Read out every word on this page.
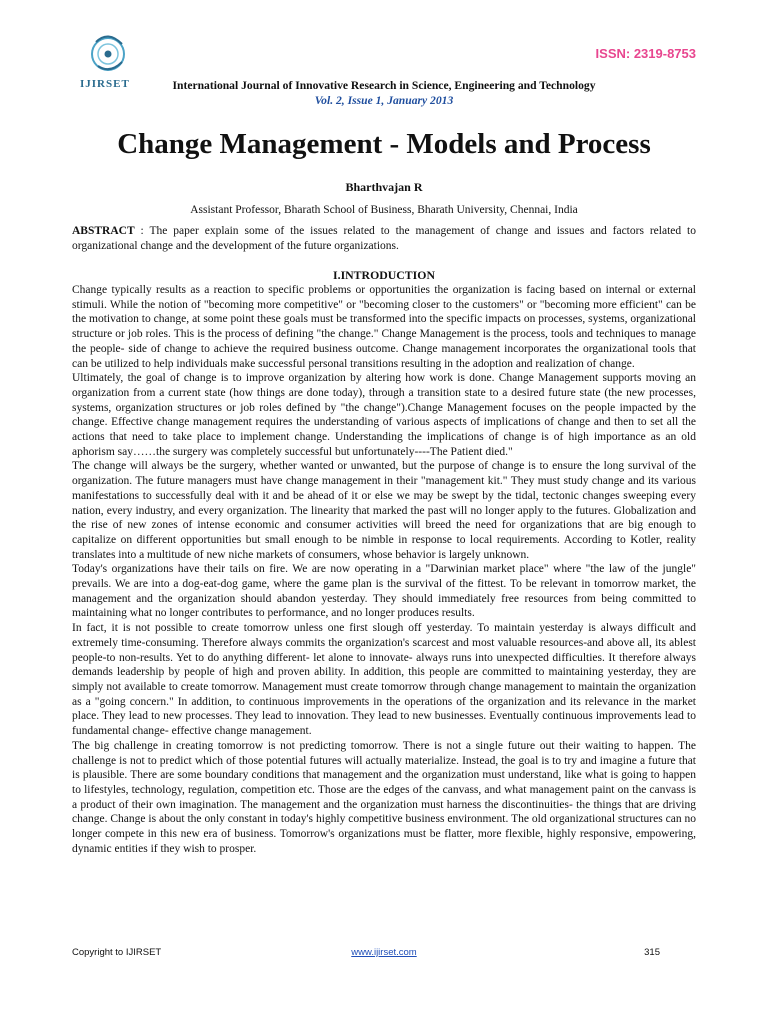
IJIRSET
ISSN: 2319-8753
International Journal of Innovative Research in Science, Engineering and Technology
Vol. 2, Issue 1, January 2013
Change Management - Models and Process
Bharthvajan R
Assistant Professor, Bharath School of Business, Bharath University, Chennai, India

ABSTRACT : The paper explain some of the issues related to the management of change and issues and factors related to organizational change and the development of the future organizations.

I.INTRODUCTION

Change typically results as a reaction to specific problems or opportunities the organization is facing based on internal or external stimuli. While the notion of "becoming more competitive" or "becoming closer to the customers" or "becoming more efficient" can be the motivation to change, at some point these goals must be transformed into the specific impacts on processes, systems, organizational structure or job roles. This is the process of defining "the change." Change Management is the process, tools and techniques to manage the people- side of change to achieve the required business outcome. Change management incorporates the organizational tools that can be utilized to help individuals make successful personal transitions resulting in the adoption and realization of change.

Ultimately, the goal of change is to improve organization by altering how work is done. Change Management supports moving an organization from a current state (how things are done today), through a transition state to a desired future state (the new processes, systems, organization structures or job roles defined by "the change").Change Management focuses on the people impacted by the change. Effective change management requires the understanding of various aspects of implications of change and then to set all the actions that need to take place to implement change. Understanding the implications of change is of high importance as an old aphorism say……the surgery was completely successful but unfortunately----The Patient died."

The change will always be the surgery, whether wanted or unwanted, but the purpose of change is to ensure the long survival of the organization. The future managers must have change management in their "management kit." They must study change and its various manifestations to successfully deal with it and be ahead of it or else we may be swept by the tidal, tectonic changes sweeping every nation, every industry, and every organization. The linearity that marked the past will no longer apply to the futures. Globalization and the rise of new zones of intense economic and consumer activities will breed the need for organizations that are big enough to capitalize on different opportunities but small enough to be nimble in response to local requirements. According to Kotler, reality translates into a multitude of new niche markets of consumers, whose behavior is largely unknown.

Today's organizations have their tails on fire. We are now operating in a "Darwinian market place" where "the law of the jungle" prevails. We are into a dog-eat-dog game, where the game plan is the survival of the fittest. To be relevant in tomorrow market, the management and the organization should abandon yesterday. They should immediately free resources from being committed to maintaining what no longer contributes to performance, and no longer produces results.

In fact, it is not possible to create tomorrow unless one first slough off yesterday. To maintain yesterday is always difficult and extremely time-consuming. Therefore always commits the organization's scarcest and most valuable resources-and above all, its ablest people-to non-results. Yet to do anything different- let alone to innovate- always runs into unexpected difficulties. It therefore always demands leadership by people of high and proven ability. In addition, this people are committed to maintaining yesterday, they are simply not available to create tomorrow. Management must create tomorrow through change management to maintain the organization as a "going concern." In addition, to continuous improvements in the operations of the organization and its relevance in the market place. They lead to new processes. They lead to innovation. They lead to new businesses. Eventually continuous improvements lead to fundamental change- effective change management.

The big challenge in creating tomorrow is not predicting tomorrow. There is not a single future out their waiting to happen. The challenge is not to predict which of those potential futures will actually materialize. Instead, the goal is to try and imagine a future that is plausible. There are some boundary conditions that management and the organization must understand, like what is going to happen to lifestyles, technology, regulation, competition etc. Those are the edges of the canvass, and what management paint on the canvass is a product of their own imagination. The management and the organization must harness the discontinuities- the things that are driving change. Change is about the only constant in today's highly competitive business environment. The old organizational structures can no longer compete in this new era of business. Tomorrow's organizations must be flatter, more flexible, highly responsive, empowering, dynamic entities if they wish to prosper.

Copyright to IJIRSET	www.ijirset.com	315
